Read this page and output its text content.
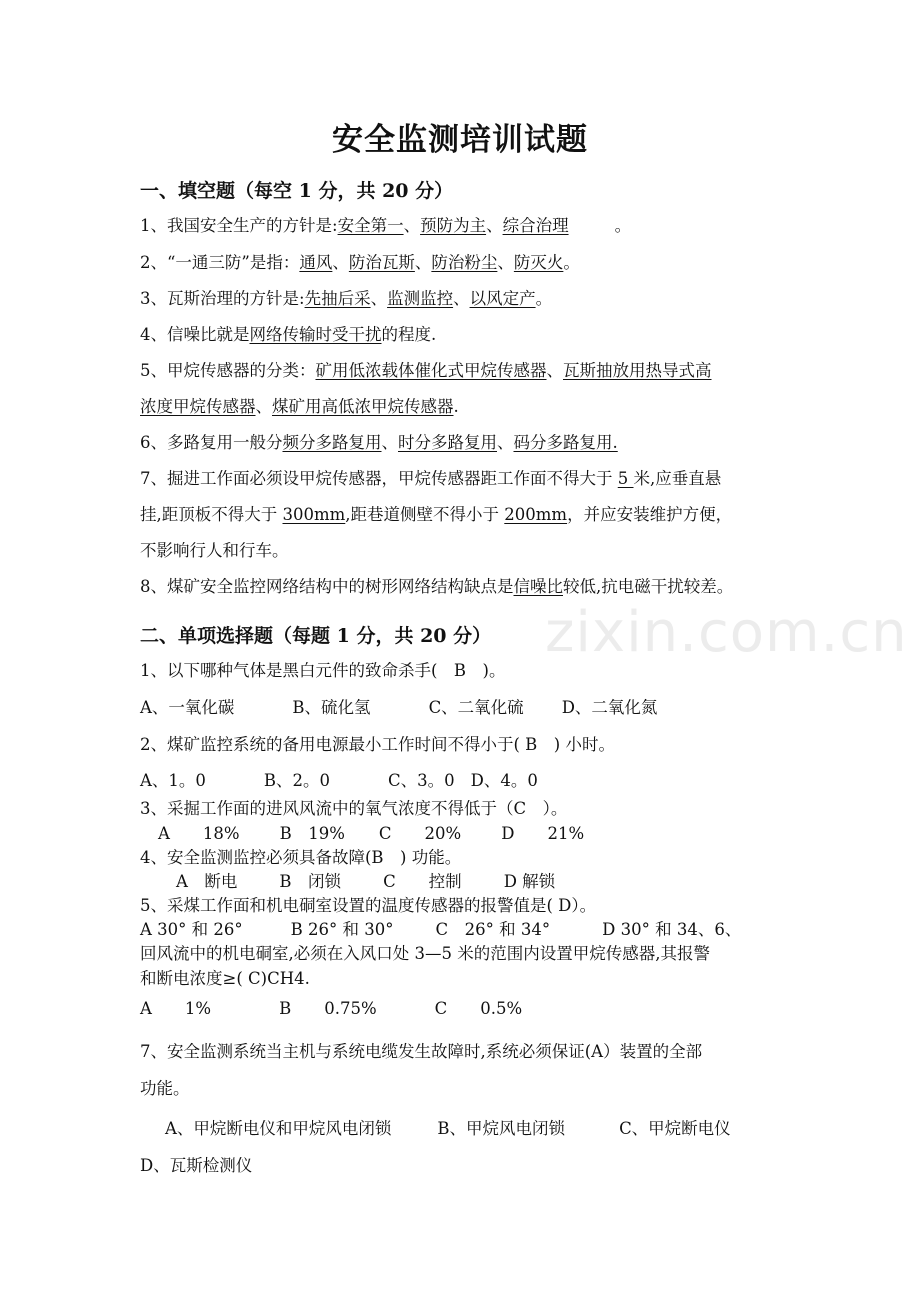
zixin.com.cn
安全监测培训试题
一、填空题（每空 1 分，共 20 分）
1、我国安全生产的方针是:安全第一、预防为主、综合治理	。
2、“一通三防”是指：通风、防治瓦斯、防治粉尘、防灭火。
3、瓦斯治理的方针是:先抽后采、监测监控、以风定产。
4、信噪比就是网络传输时受干扰的程度.
5、甲烷传感器的分类：矿用低浓载体催化式甲烷传感器、瓦斯抽放用热导式高
浓度甲烷传感器、煤矿用高低浓甲烷传感器.
6、多路复用一般分频分多路复用、时分多路复用、码分多路复用.
7、掘进工作面必须设甲烷传感器，甲烷传感器距工作面不得大于 5 米,应垂直悬
挂,距顶板不得大于 300mm,距巷道侧壁不得小于 200mm，并应安装维护方便，
不影响行人和行车。
8、煤矿安全监控网络结构中的树形网络结构缺点是信噪比较低,抗电磁干扰较差。
二、单项选择题（每题 1 分，共 20 分）
1、以下哪种气体是黑白元件的致命杀手(　B　)。
A、一氧化碳	B、硫化氢	C、二氧化硫 D、二氧化氮
2、煤矿监控系统的备用电源最小工作时间不得小于( B　) 小时。
A、1。0	B、2。0	C、3。0 D、4。0
3、采掘工作面的进风风流中的氧气浓度不得低于（C　）。
A　　18% B　19% C　　20% D　　21%
4、安全监测监控必须具备故障(B　) 功能。
A　断电	B　闭锁	C　　控制	D 解锁
5、采煤工作面和机电硐室设置的温度传感器的报警值是( D）。
A 30° 和 26°	B 26° 和 30°	C　26° 和 34°	D 30° 和 34、6、
回风流中的机电硐室,必须在入风口处 3—5 米的范围内设置甲烷传感器,其报警
和断电浓度≥( C)CH4.
A　　1%	B　　0.75%	C　　0.5%
7、安全监测系统当主机与系统电缆发生故障时,系统必须保证(A）装置的全部
功能。
A、甲烷断电仪和甲烷风电闭锁	B、甲烷风电闭锁	C、甲烷断电仪
D、瓦斯检测仪
